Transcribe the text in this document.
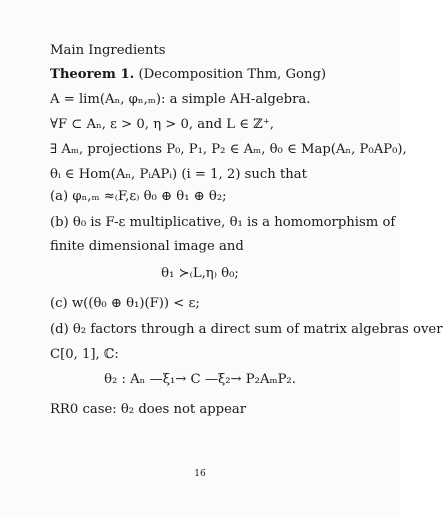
Main Ingredients
Theorem 1. (Decomposition Thm, Gong)
A = lim(Aₙ, φₙ,ₘ): a simple AH-algebra.
∀F ⊂ Aₙ, ε > 0, η > 0, and L ∈ ℤ⁺,
∃ Aₘ, projections P₀, P₁, P₂ ∈ Aₘ, θ₀ ∈ Map(Aₙ, P₀AP₀),
θᵢ ∈ Hom(Aₙ, PᵢAPᵢ) (i = 1, 2) such that
(a) φₙ,ₘ ≈₍F,ε₎ θ₀ ⊕ θ₁ ⊕ θ₂;
(b) θ₀ is F-ε multiplicative, θ₁ is a homomorphism of
finite dimensional image and
θ₁ ≻₍L,η₎ θ₀;
(c) w((θ₀ ⊕ θ₁)(F)) < ε;
(d) θ₂ factors through a direct sum of matrix algebras over
C[0, 1], ℂ:
θ₂ : Aₙ —ξ₁→ C —ξ₂→ P₂AₘP₂.
RR0 case: θ₂ does not appear
16
